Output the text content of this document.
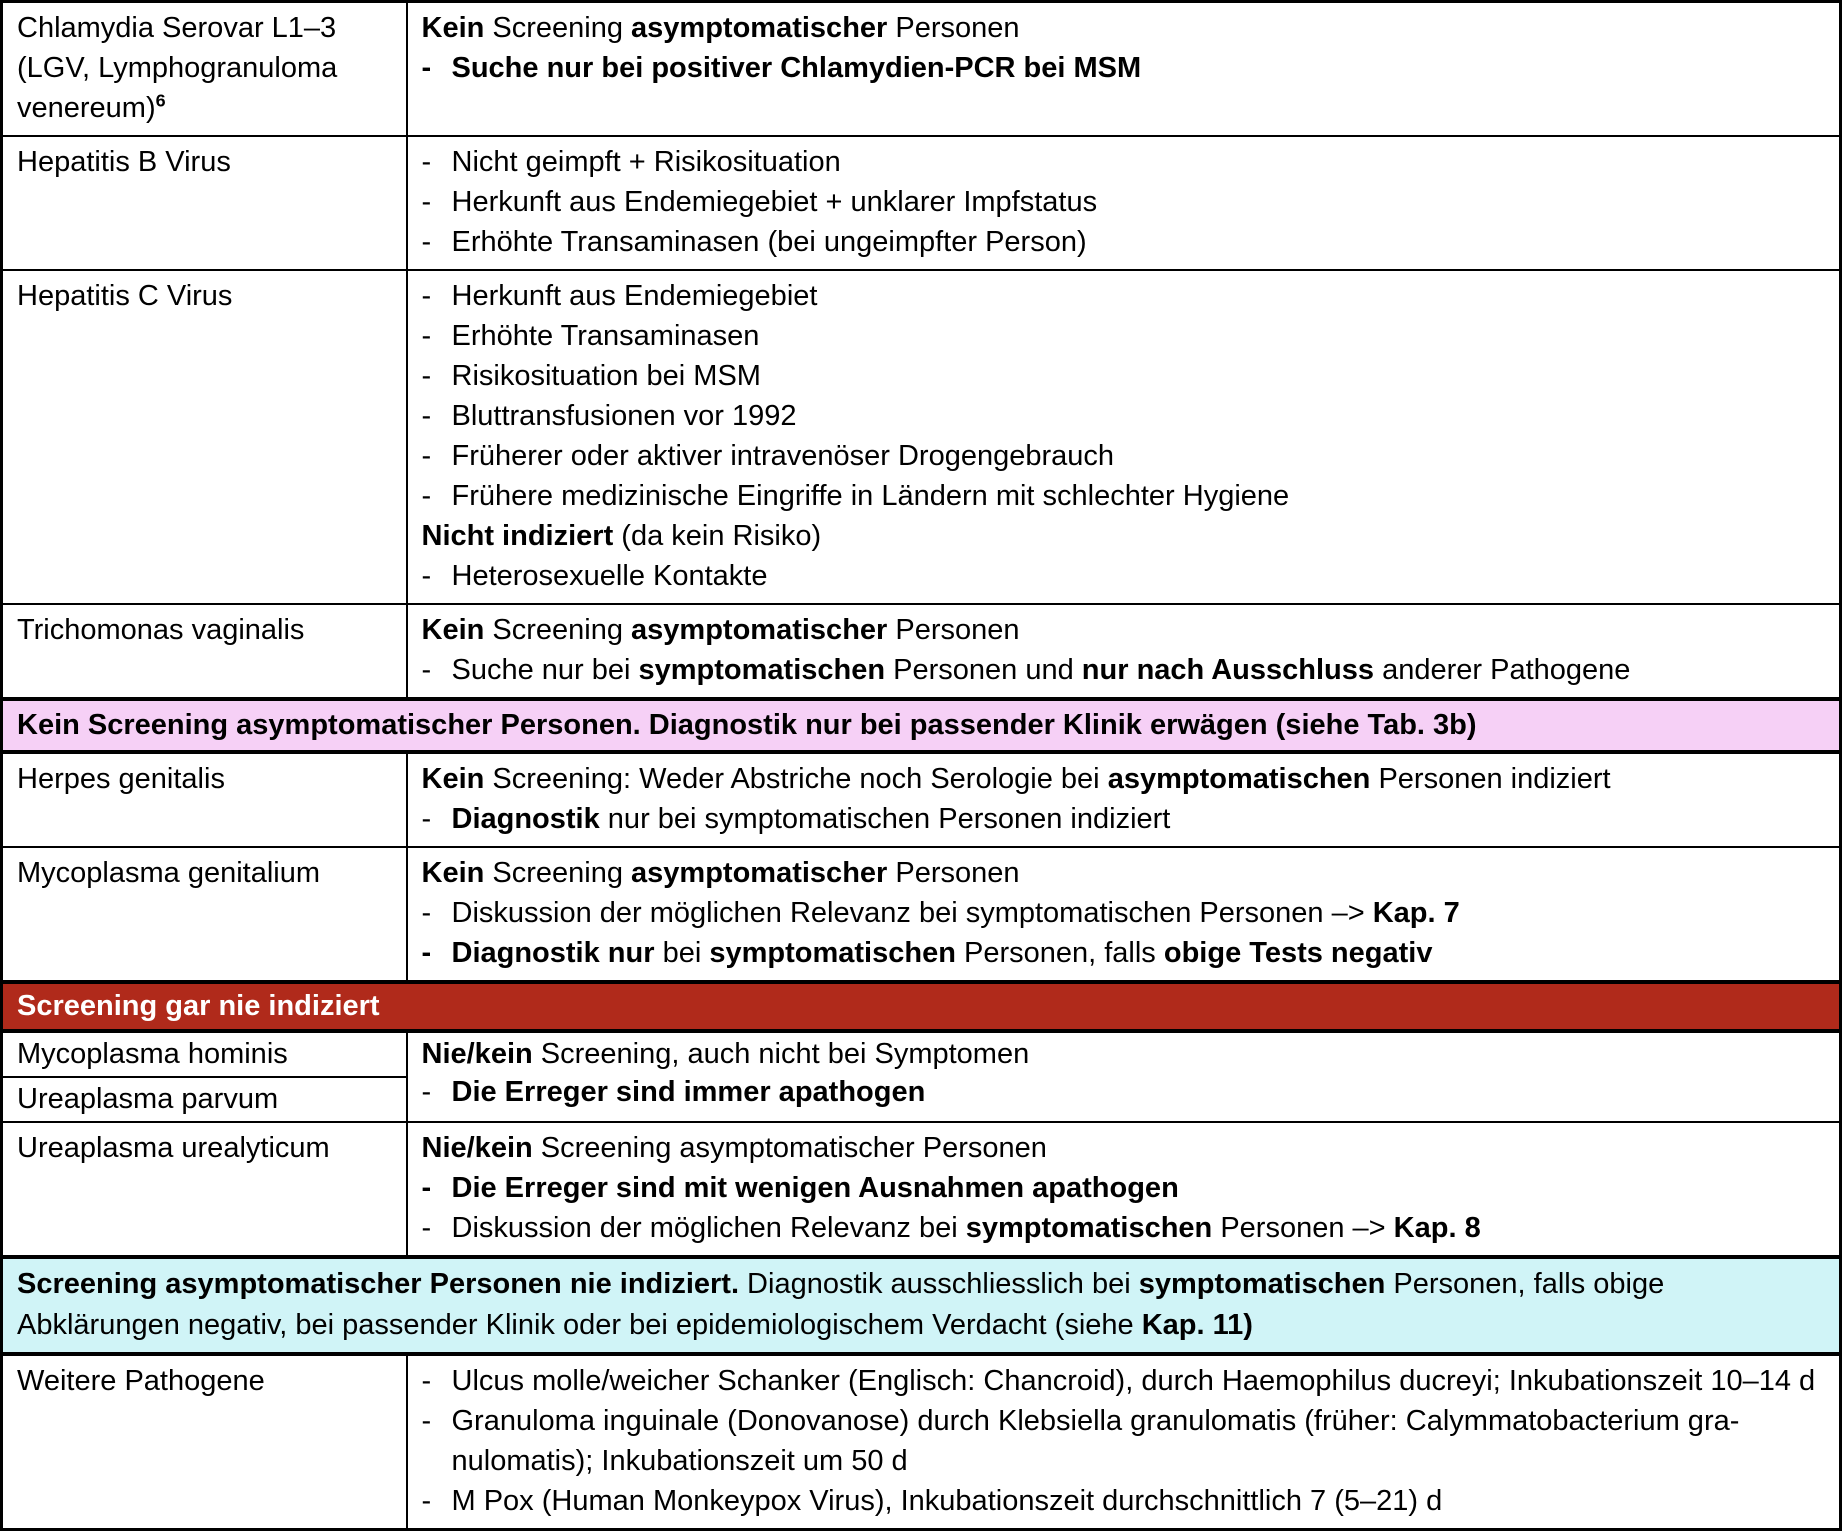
Chlamydia Serovar L1–3 (LGV, Lymphogranuloma venereum)$^6$	Kein Screening asymptomatischer Personen
- Suche nur bei positiver Chlamydien-PCR bei MSM

Hepatitis B Virus	- Nicht geimpft + Risikosituation
- Herkunft aus Endemiegebiet + unklarer Impfstatus
- Erhöhte Transaminasen (bei ungeimpfter Person)

Hepatitis C Virus	- Herkunft aus Endemiegebiet
- Erhöhte Transaminasen
- Risikosituation bei MSM
- Bluttransfusionen vor 1992
- Früherer oder aktiver intravenöser Drogengebrauch
- Frühere medizinische Eingriffe in Ländern mit schlechter Hygiene
Nicht indiziert (da kein Risiko)
- Heterosexuelle Kontakte

Trichomonas vaginalis	Kein Screening asymptomatischer Personen
- Suche nur bei symptomatischen Personen und nur nach Ausschluss anderer Pathogene

Kein Screening asymptomatischer Personen. Diagnostik nur bei passender Klinik erwägen (siehe Tab. 3b)	

Herpes genitalis	Kein Screening: Weder Abstriche noch Serologie bei asymptomatischen Personen indiziert
- Diagnostik nur bei symptomatischen Personen indiziert

Mycoplasma genitalium	Kein Screening asymptomatischer Personen
- Diskussion der möglichen Relevanz bei symptomatischen Personen –> Kap. 7
- Diagnostik nur bei symptomatischen Personen, falls obige Tests negativ

Screening gar nie indiziert	

Mycoplasma hominis	Nie/kein Screening, auch nicht bei Symptomen
- Die Erreger sind immer apathogen

Ureaplasma parvum	

Ureaplasma urealyticum	Nie/kein Screening asymptomatischer Personen
- Die Erreger sind mit wenigen Ausnahmen apathogen
- Diskussion der möglichen Relevanz bei symptomatischen Personen –> Kap. 8

Screening asymptomatischer Personen nie indiziert. Diagnostik ausschliesslich bei symptomatischen Personen, falls obige Abklärungen negativ, bei passender Klinik oder bei epidemiologischem Verdacht (siehe Kap. 11)	

Weitere Pathogene	- Ulcus molle/weicher Schanker (Englisch: Chancroid), durch Haemophilus ducreyi; Inkubationszeit 10–14 d
- Granuloma inguinale (Donovanose) durch Klebsiella granulomatis (früher: Calymmatobacterium gra-nulomatis); Inkubationszeit um 50 d
- M Pox (Human Monkeypox Virus), Inkubationszeit durchschnittlich 7 (5–21) d
